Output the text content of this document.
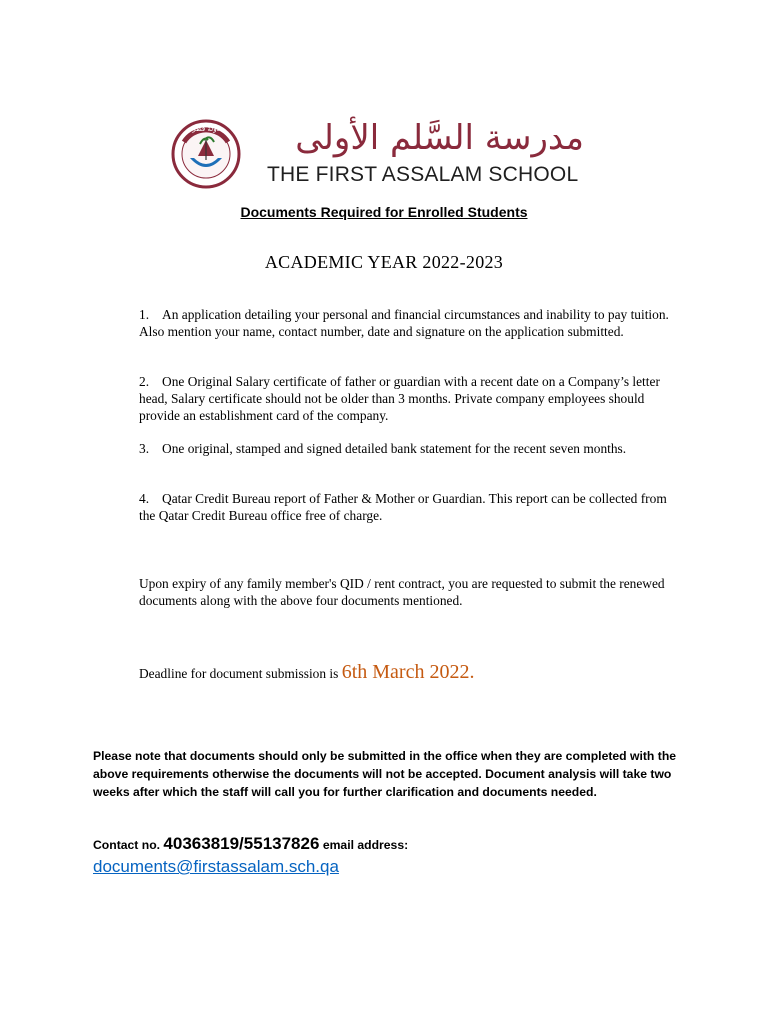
دولة قطر	مدرسة السَّلم الأولى
THE FIRST ASSALAM SCHOOL
Documents Required for Enrolled Students
ACADEMIC YEAR 2022-2023
1. An application detailing your personal and financial circumstances and inability to pay tuition. Also mention your name, contact number, date and signature on the application submitted.
2. One Original Salary certificate of father or guardian with a recent date on a Company’s letter head, Salary certificate should not be older than 3 months. Private company employees should provide an establishment card of the company.
3. One original, stamped and signed detailed bank statement for the recent seven months.
4. Qatar Credit Bureau report of Father & Mother or Guardian. This report can be collected from the Qatar Credit Bureau office free of charge.
Upon expiry of any family member's QID / rent contract, you are requested to submit the renewed documents along with the above four documents mentioned.
Deadline for document submission is 6th March 2022.
Please note that documents should only be submitted in the office when they are completed with the above requirements otherwise the documents will not be accepted. Document analysis will take two weeks after which the staff will call you for further clarification and documents needed.
Contact no. 40363819/55137826 email address:
documents@firstassalam.sch.qa
